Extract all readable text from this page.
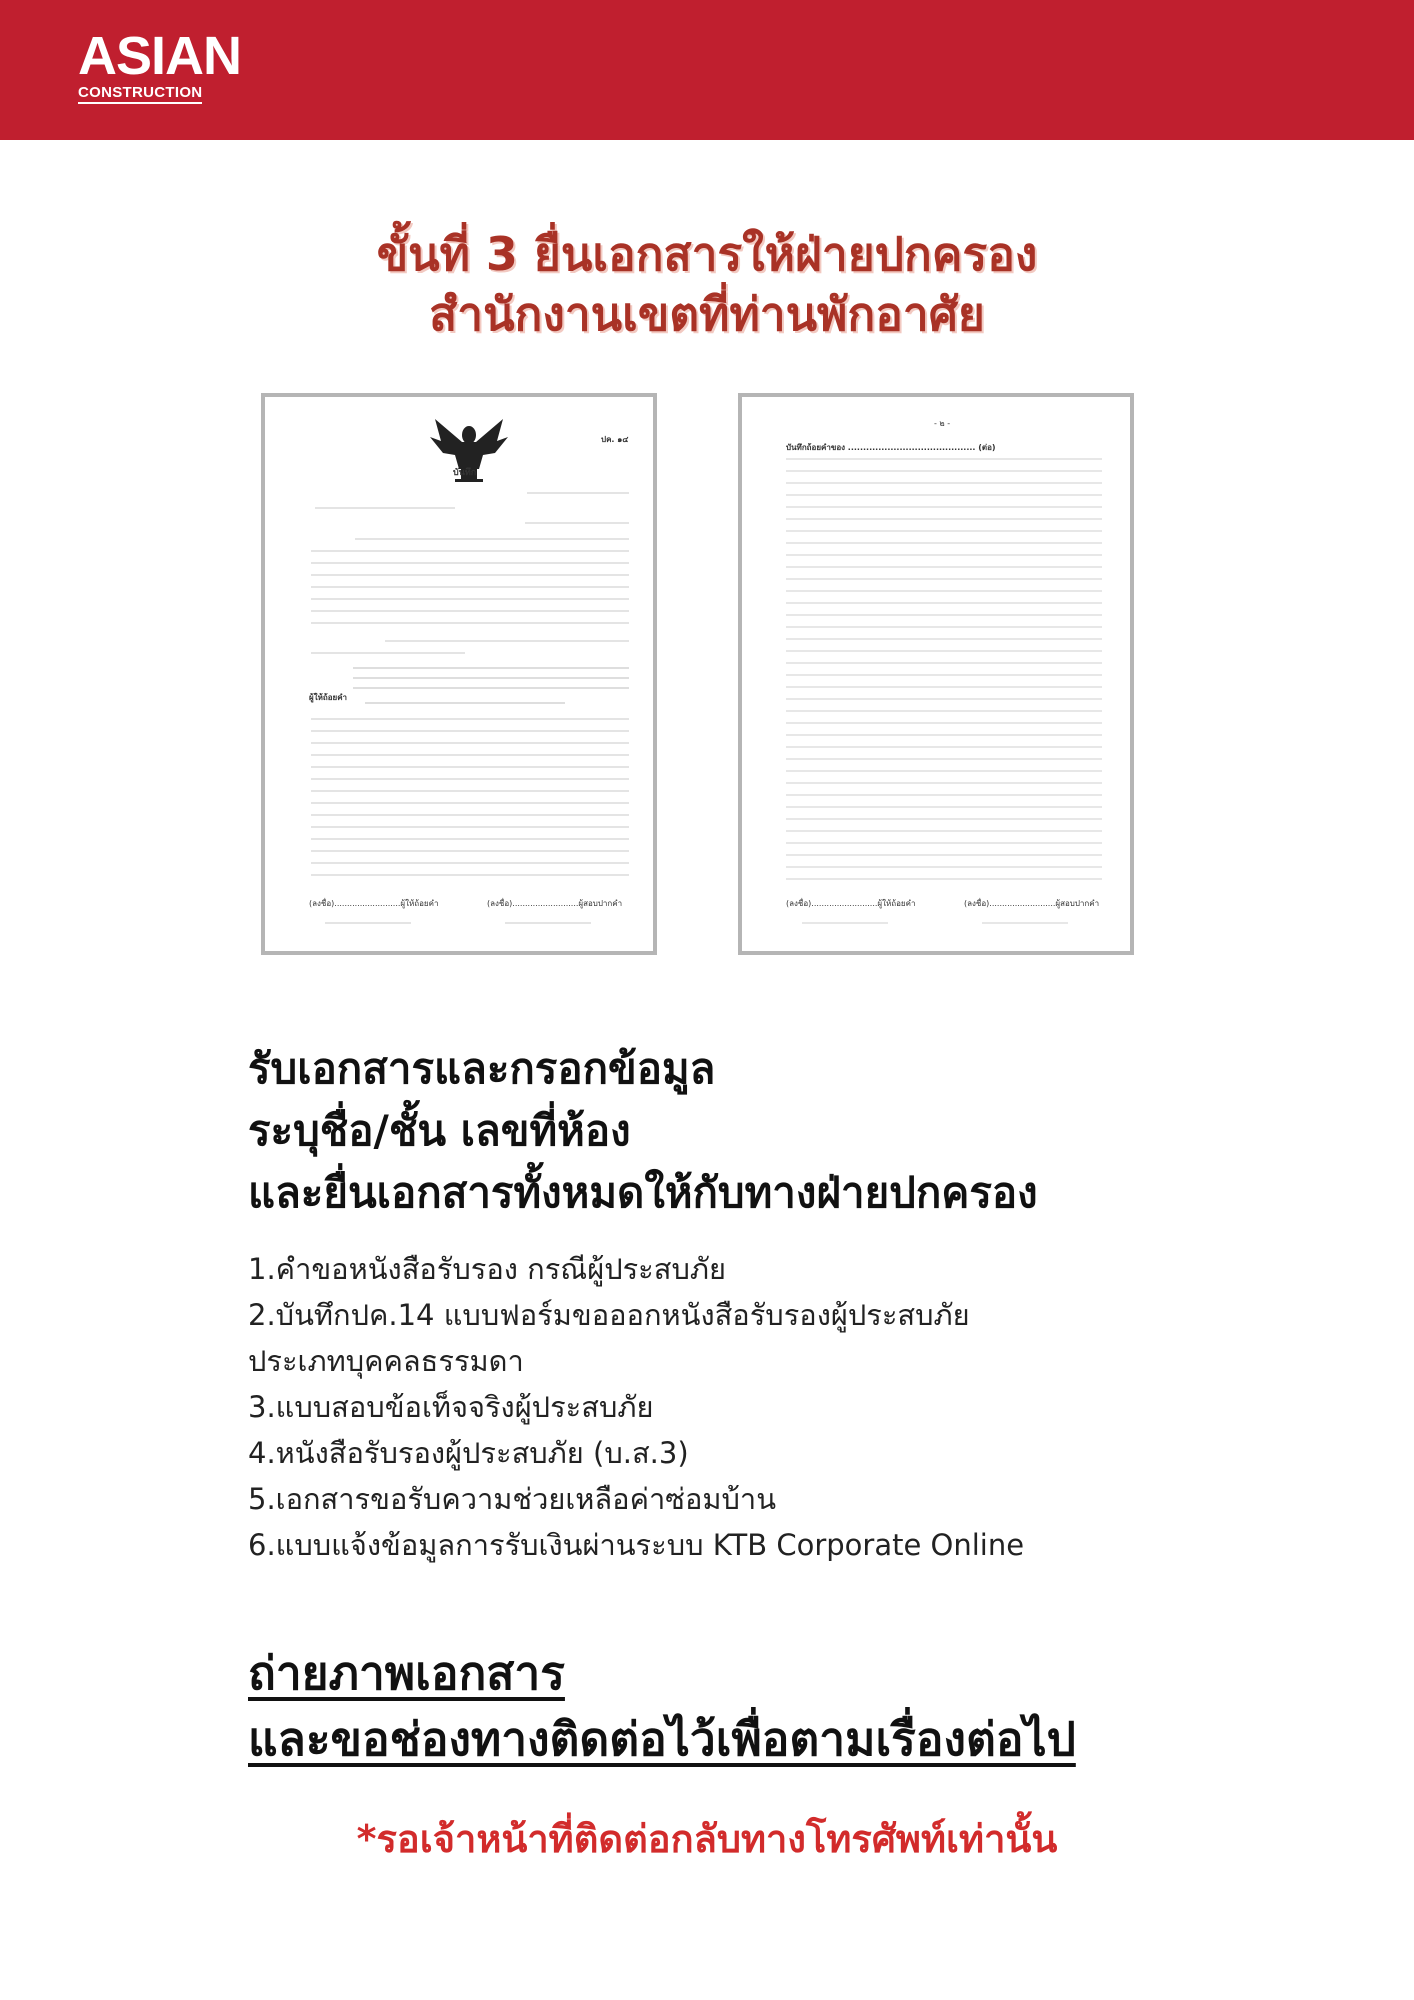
ASIAN
CONSTRUCTION
ขั้นที่ 3 ยื่นเอกสารให้ฝ่ายปกครอง
สำนักงานเขตที่ท่านพักอาศัย
ปค. ๑๔
บันทึก
ผู้ให้ถ้อยคำ
(ลงชื่อ)..........................ผู้ให้ถ้อยคำ	(ลงชื่อ)..........................ผู้สอบปากคำ
- ๒ -
บันทึกถ้อยคำของ .......................................... (ต่อ)
(ลงชื่อ)..........................ผู้ให้ถ้อยคำ	(ลงชื่อ)..........................ผู้สอบปากคำ
รับเอกสารและกรอกข้อมูล
ระบุชื่อ/ชั้น เลขที่ห้อง
และยื่นเอกสารทั้งหมดให้กับทางฝ่ายปกครอง
1.คำขอหนังสือรับรอง กรณีผู้ประสบภัย
2.บันทึกปค.14 แบบฟอร์มขอออกหนังสือรับรองผู้ประสบภัย
ประเภทบุคคลธรรมดา
3.แบบสอบข้อเท็จจริงผู้ประสบภัย
4.หนังสือรับรองผู้ประสบภัย (บ.ส.3)
5.เอกสารขอรับความช่วยเหลือค่าซ่อมบ้าน
6.แบบแจ้งข้อมูลการรับเงินผ่านระบบ KTB Corporate Online
ถ่ายภาพเอกสาร
และขอช่องทางติดต่อไว้เพื่อตามเรื่องต่อไป
*รอเจ้าหน้าที่ติดต่อกลับทางโทรศัพท์เท่านั้น
